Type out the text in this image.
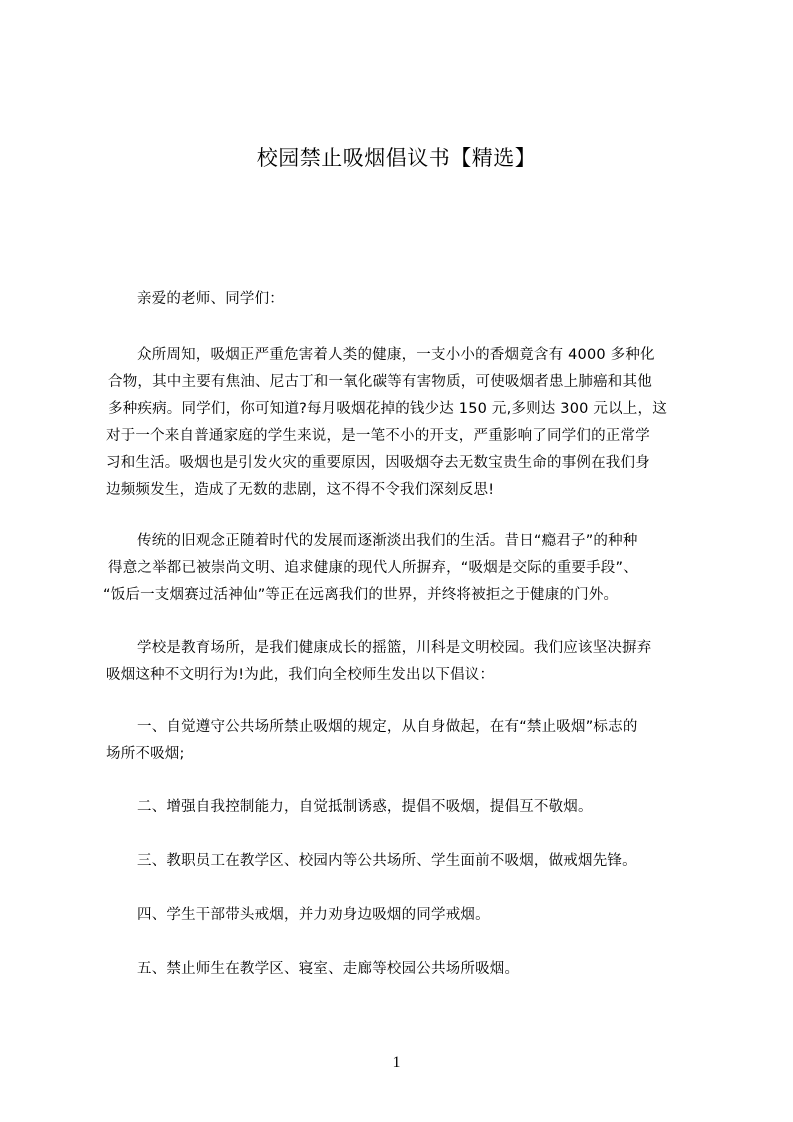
校园禁止吸烟倡议书【精选】
亲爱的老师、同学们：
众所周知，吸烟正严重危害着人类的健康，一支小小的香烟竟含有 4000 多种化
合物，其中主要有焦油、尼古丁和一氧化碳等有害物质，可使吸烟者患上肺癌和其他
多种疾病。同学们，你可知道?每月吸烟花掉的钱少达 150 元,多则达 300 元以上，这
对于一个来自普通家庭的学生来说，是一笔不小的开支，严重影响了同学们的正常学
习和生活。吸烟也是引发火灾的重要原因，因吸烟夺去无数宝贵生命的事例在我们身
边频频发生，造成了无数的悲剧，这不得不令我们深刻反思!
传统的旧观念正随着时代的发展而逐渐淡出我们的生活。昔日“瘾君子”的种种
得意之举都已被崇尚文明、追求健康的现代人所摒弃，“吸烟是交际的重要手段”、
“饭后一支烟赛过活神仙”等正在远离我们的世界，并终将被拒之于健康的门外。
学校是教育场所，是我们健康成长的摇篮，川科是文明校园。我们应该坚决摒弃
吸烟这种不文明行为!为此，我们向全校师生发出以下倡议：
一、自觉遵守公共场所禁止吸烟的规定，从自身做起，在有“禁止吸烟”标志的
场所不吸烟;
二、增强自我控制能力，自觉抵制诱惑，提倡不吸烟，提倡互不敬烟。
三、教职员工在教学区、校园内等公共场所、学生面前不吸烟，做戒烟先锋。
四、学生干部带头戒烟，并力劝身边吸烟的同学戒烟。
五、禁止师生在教学区、寝室、走廊等校园公共场所吸烟。
1
